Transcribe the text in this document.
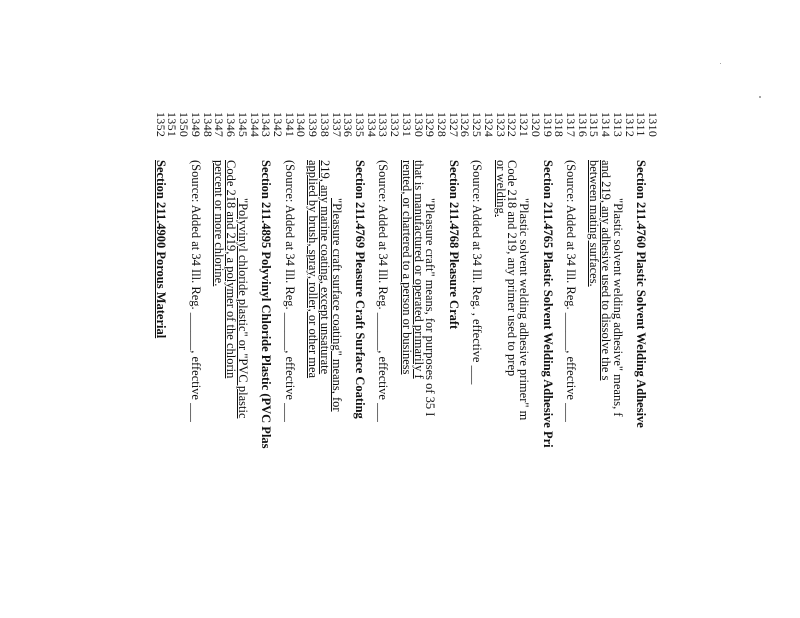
1310
1311
Section 211.4760 Plastic Solvent Welding Adhesive
1312
1313
"Plastic solvent welding adhesive" means, f
1314
and 219, any adhesive used to dissolve the s
1315
between mating surfaces.
1316
1317
(Source: Added at 34 Ill. Reg. ______, effective ___
1318
1319
Section 211.4765 Plastic Solvent Welding Adhesive Pri
1320
1321
"Plastic solvent welding adhesive primer" m
1322
Code 218 and 219, any primer used to prep
1323
or welding.
1324
1325
(Source: Added at 34 Ill. Reg. , effective ___
1326
1327
Section 211.4768 Pleasure Craft
1328
1329
"Pleasure craft" means, for purposes of 35 I
1330
that is manufactured or operated primarily f
1331
rented, or chartered to a person or business
1332
1333
(Source: Added at 34 Ill. Reg. ______, effective ___
1334
1335
Section 211.4769 Pleasure Craft Surface Coating
1336
1337
"Pleasure craft surface coating" means, for
1338
219, any marine coating, except unsaturate
1339
applied by brush, spray, roller, or other mea
1340
1341
(Source: Added at 34 Ill. Reg. ______, effective ___
1342
1343
Section 211.4895 Polyvinyl Chloride Plastic (PVC Plas
1344
1345
"Polyvinyl chloride plastic" or "PVC plastic
1346
Code 218 and 219, a polymer of the chlorin
1347
percent or more chlorine.
1348
1349
(Source: Added at 34 Ill. Reg. ______, effective ___
1350
1351
1352
Section 211.4900 Porous Material
